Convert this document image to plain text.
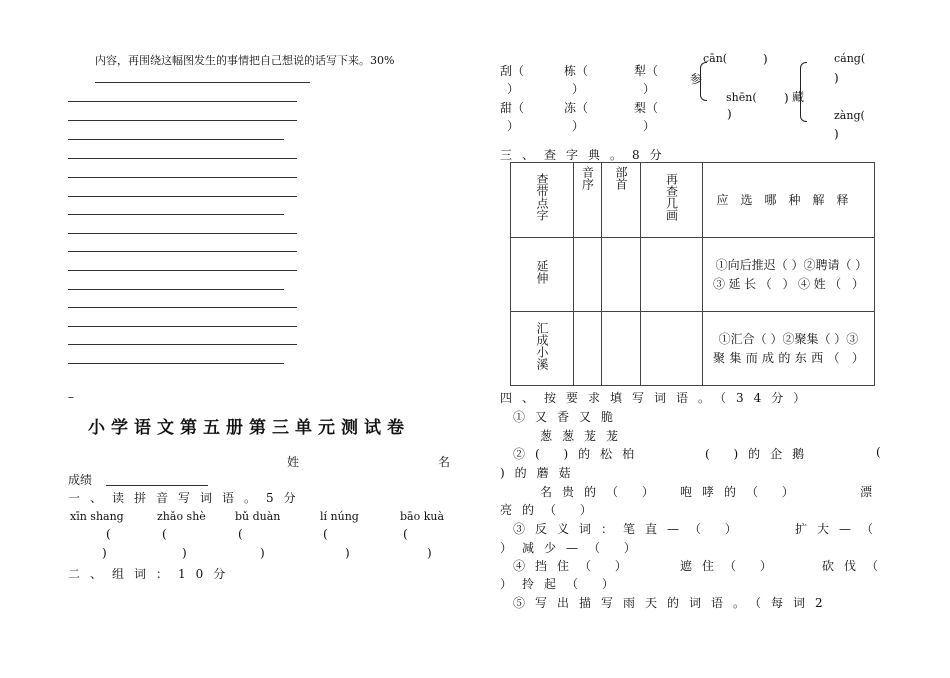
内容，再围绕这幅图发生的事情把自己想说的话写下来。30%
–
小学语文第五册第三单元测试卷
姓	名
成绩
一、读拼音写词语。5分
xīn shang	zhǎo shè	bǔ duàn	lí núng	bāo kuà
(	(	(	(	(
)	)	)	)	)
二、组词：10分
刮（	栋（	犁（
）	）	）
甜（	冻（	梨（
）	）	）
cān(	)
参
shēn( )
)
藏
cáng(
)
zàng(
)
三、查字典。8分
查带点字	音序	部首	再查几画	应选哪种解释
延伸				①向后推迟（ ）②聘请（ ）③延长（ ）④姓（ ）
汇成小溪				①汇合（ ）②聚集（ ）③聚集而成的东西（ ）
四、按要求填写词语。（34分）
①又香又脆
葱葱茏茏
②( )的松柏	( )的企鹅	(
)的蘑菇
名贵的（ ） 咆哮的（ ）	漂
亮的（ ）
③反义词：笔直—（ ）	扩大—（
）减少—（ ）
④挡住（ ）	遮住（ ）	砍伐（
）拎起（ ）
⑤写出描写雨天的词语。（每词2
